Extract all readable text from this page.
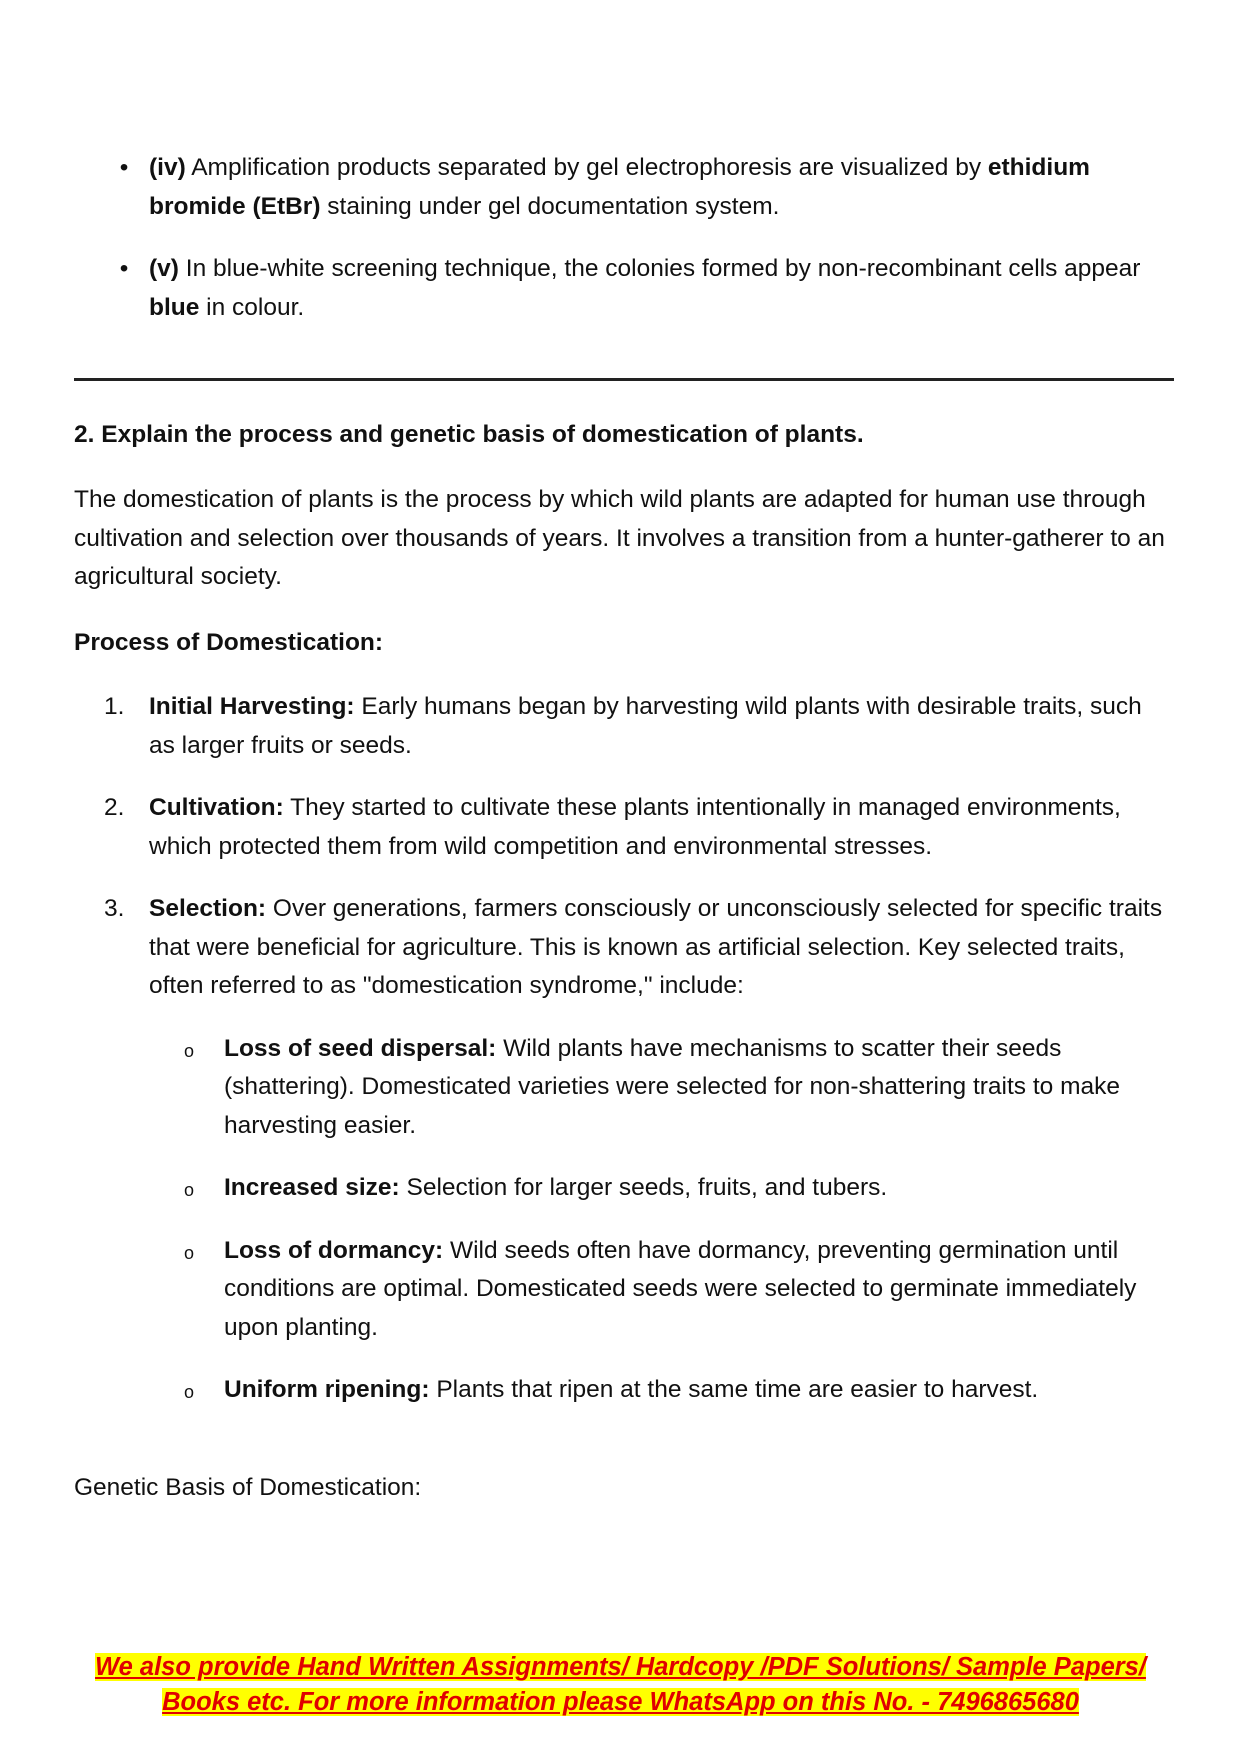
• (iv) Amplification products separated by gel electrophoresis are visualized by ethidium bromide (EtBr) staining under gel documentation system.
• (v) In blue-white screening technique, the colonies formed by non-recombinant cells appear blue in colour.
2. Explain the process and genetic basis of domestication of plants.
The domestication of plants is the process by which wild plants are adapted for human use through cultivation and selection over thousands of years. It involves a transition from a hunter-gatherer to an agricultural society.
Process of Domestication:
1.	Initial Harvesting: Early humans began by harvesting wild plants with desirable traits, such as larger fruits or seeds.
2.	Cultivation: They started to cultivate these plants intentionally in managed environments, which protected them from wild competition and environmental stresses.
3.	Selection: Over generations, farmers consciously or unconsciously selected for specific traits that were beneficial for agriculture. This is known as artificial selection. Key selected traits, often referred to as "domestication syndrome," include:
o Loss of seed dispersal: Wild plants have mechanisms to scatter their seeds (shattering). Domesticated varieties were selected for non-shattering traits to make harvesting easier.
o Increased size: Selection for larger seeds, fruits, and tubers.
o Loss of dormancy: Wild seeds often have dormancy, preventing germination until conditions are optimal. Domesticated seeds were selected to germinate immediately upon planting.
o Uniform ripening: Plants that ripen at the same time are easier to harvest.
Genetic Basis of Domestication:
We also provide Hand Written Assignments/ Hardcopy /PDF Solutions/ Sample Papers/
Books etc. For more information please WhatsApp on this No. - 7496865680
